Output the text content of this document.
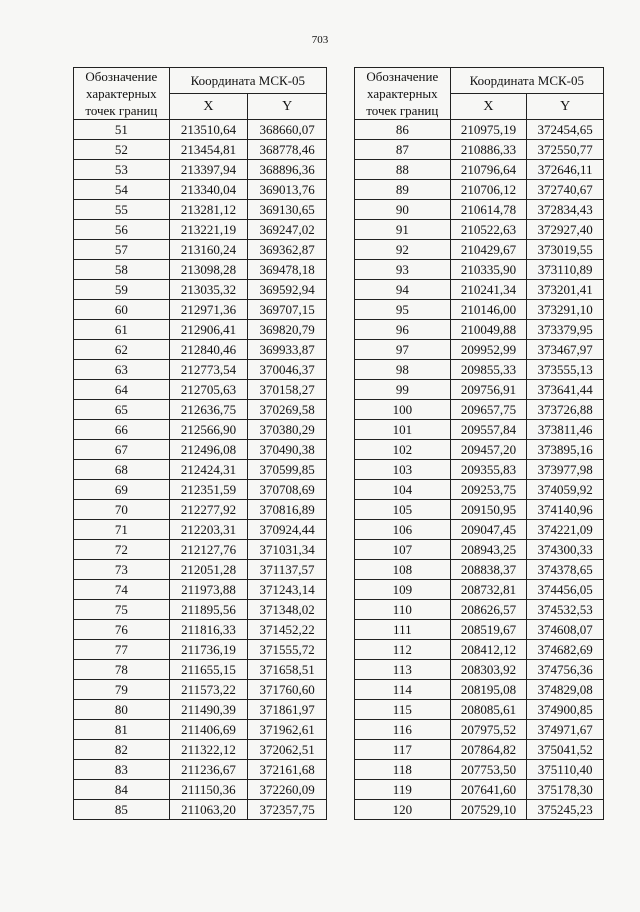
703
Обозначение характерных точек границ	Координата МСК-05	
	X	Y
51	213510,64	368660,07
52	213454,81	368778,46
53	213397,94	368896,36
54	213340,04	369013,76
55	213281,12	369130,65
56	213221,19	369247,02
57	213160,24	369362,87
58	213098,28	369478,18
59	213035,32	369592,94
60	212971,36	369707,15
61	212906,41	369820,79
62	212840,46	369933,87
63	212773,54	370046,37
64	212705,63	370158,27
65	212636,75	370269,58
66	212566,90	370380,29
67	212496,08	370490,38
68	212424,31	370599,85
69	212351,59	370708,69
70	212277,92	370816,89
71	212203,31	370924,44
72	212127,76	371031,34
73	212051,28	371137,57
74	211973,88	371243,14
75	211895,56	371348,02
76	211816,33	371452,22
77	211736,19	371555,72
78	211655,15	371658,51
79	211573,22	371760,60
80	211490,39	371861,97
81	211406,69	371962,61
82	211322,12	372062,51
83	211236,67	372161,68
84	211150,36	372260,09
85	211063,20	372357,75
Обозначение характерных точек границ	Координата МСК-05	
	X	Y
86	210975,19	372454,65
87	210886,33	372550,77
88	210796,64	372646,11
89	210706,12	372740,67
90	210614,78	372834,43
91	210522,63	372927,40
92	210429,67	373019,55
93	210335,90	373110,89
94	210241,34	373201,41
95	210146,00	373291,10
96	210049,88	373379,95
97	209952,99	373467,97
98	209855,33	373555,13
99	209756,91	373641,44
100	209657,75	373726,88
101	209557,84	373811,46
102	209457,20	373895,16
103	209355,83	373977,98
104	209253,75	374059,92
105	209150,95	374140,96
106	209047,45	374221,09
107	208943,25	374300,33
108	208838,37	374378,65
109	208732,81	374456,05
110	208626,57	374532,53
111	208519,67	374608,07
112	208412,12	374682,69
113	208303,92	374756,36
114	208195,08	374829,08
115	208085,61	374900,85
116	207975,52	374971,67
117	207864,82	375041,52
118	207753,50	375110,40
119	207641,60	375178,30
120	207529,10	375245,23
